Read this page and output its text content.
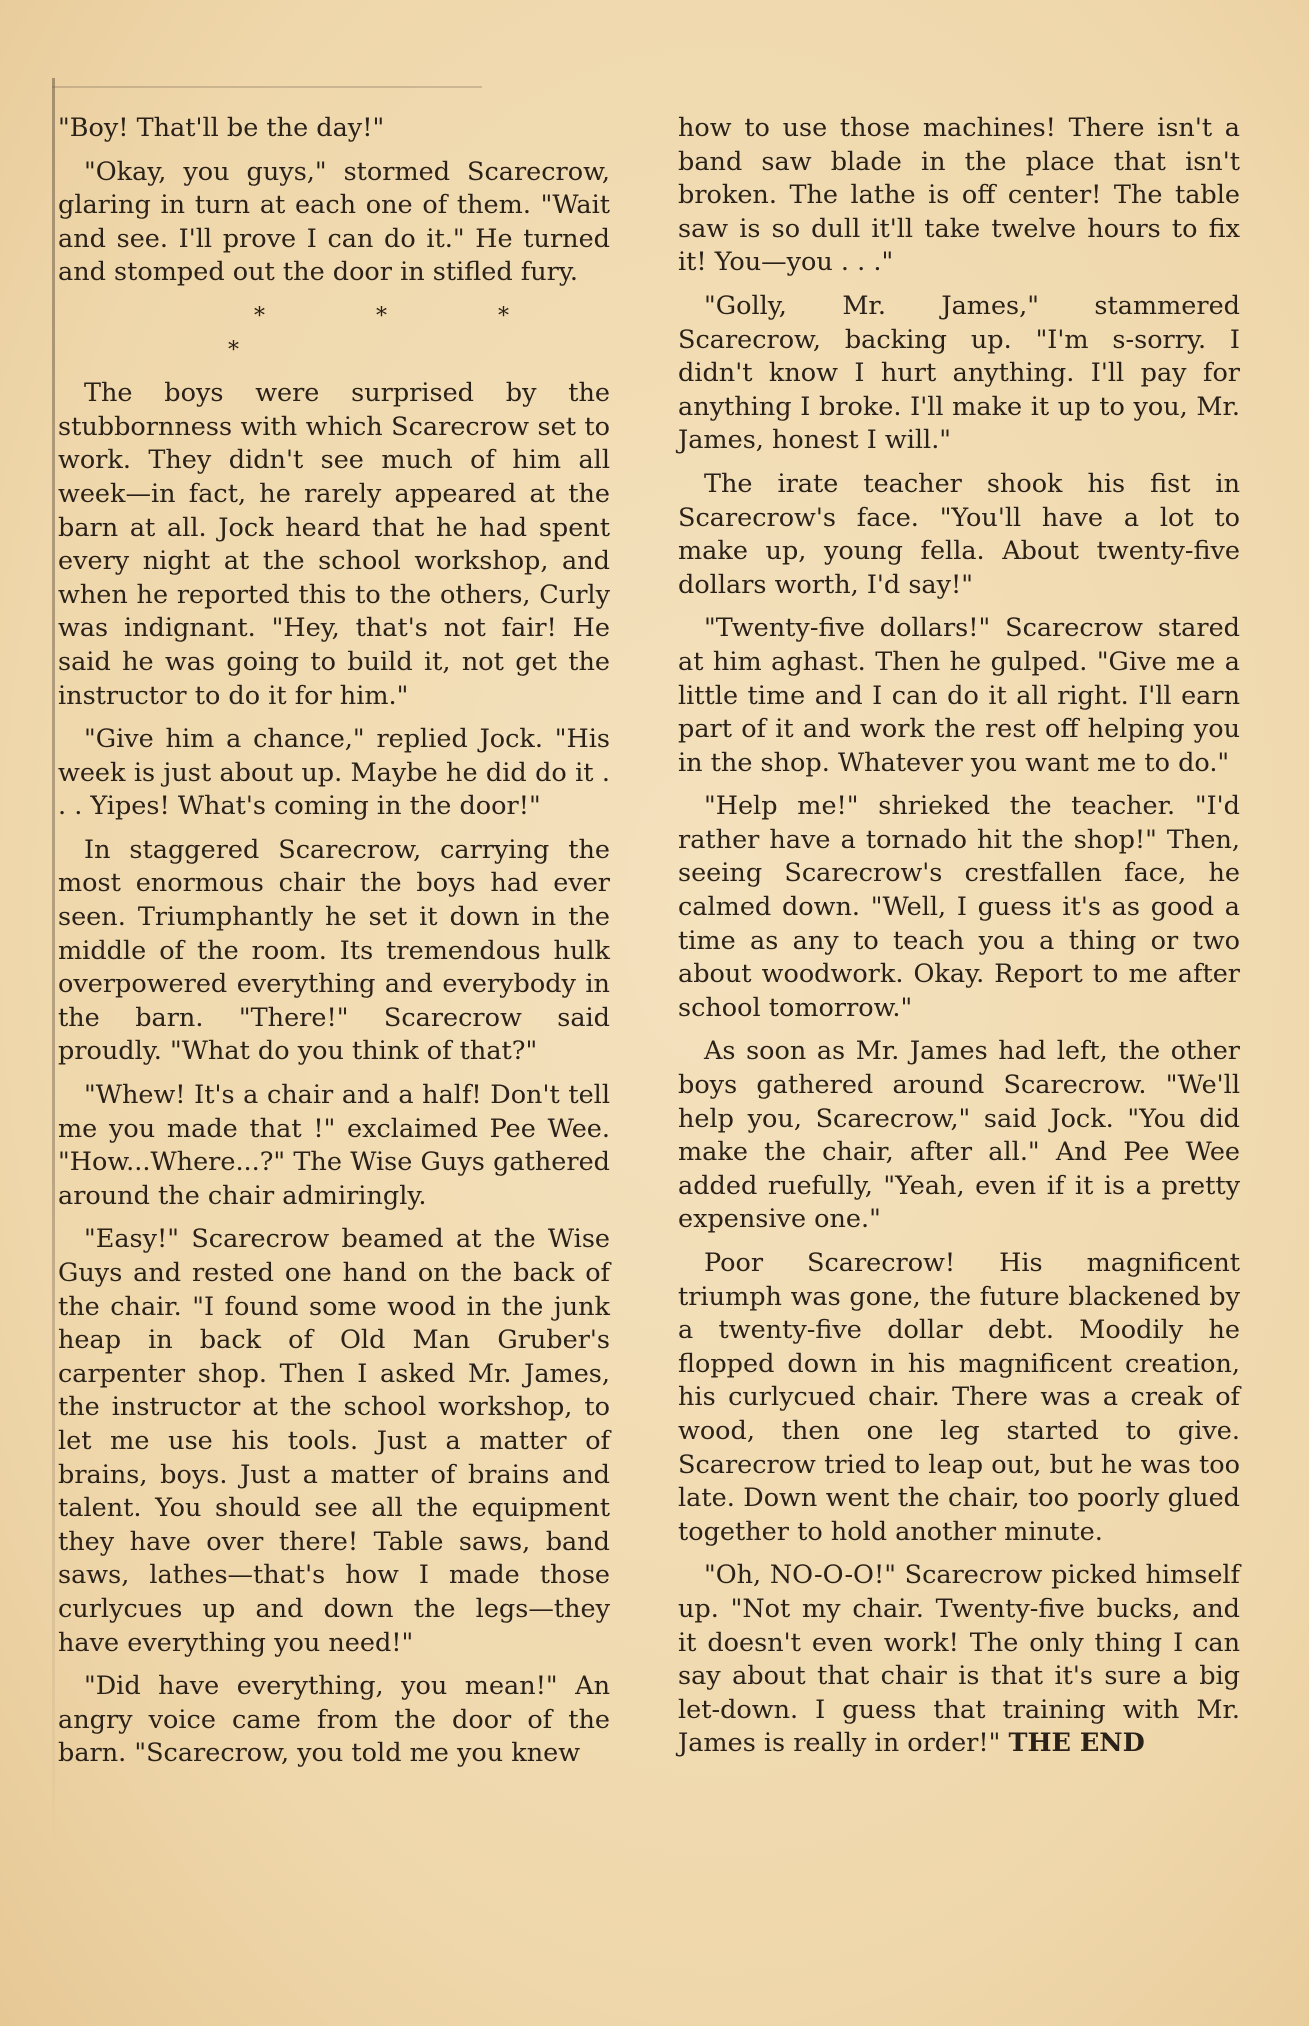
"Boy! That'll be the day!"

"Okay, you guys," stormed Scarecrow, glaring in turn at each one of them. "Wait and see. I'll prove I can do it." He turned and stomped out the door in stifled fury.

* * * *

The boys were surprised by the stubbornness with which Scarecrow set to work. They didn't see much of him all week—in fact, he rarely appeared at the barn at all. Jock heard that he had spent every night at the school workshop, and when he reported this to the others, Curly was indignant. "Hey, that's not fair! He said he was going to build it, not get the instructor to do it for him."

"Give him a chance," replied Jock. "His week is just about up. Maybe he did do it . . . Yipes! What's coming in the door!"

In staggered Scarecrow, carrying the most enormous chair the boys had ever seen. Triumphantly he set it down in the middle of the room. Its tremendous hulk overpowered everything and everybody in the barn. "There!" Scarecrow said proudly. "What do you think of that?"

"Whew! It's a chair and a half! Don't tell me you made that !" exclaimed Pee Wee. "How...Where...?" The Wise Guys gathered around the chair admiringly.

"Easy!" Scarecrow beamed at the Wise Guys and rested one hand on the back of the chair. "I found some wood in the junk heap in back of Old Man Gruber's carpenter shop. Then I asked Mr. James, the instructor at the school workshop, to let me use his tools. Just a matter of brains, boys. Just a matter of brains and talent. You should see all the equipment they have over there! Table saws, band saws, lathes—that's how I made those curlycues up and down the legs—they have everything you need!"

"Did have everything, you mean!" An angry voice came from the door of the barn. "Scarecrow, you told me you knew

how to use those machines! There isn't a band saw blade in the place that isn't broken. The lathe is off center! The table saw is so dull it'll take twelve hours to fix it! You—you . . ."

"Golly, Mr. James," stammered Scarecrow, backing up. "I'm s-sorry. I didn't know I hurt anything. I'll pay for anything I broke. I'll make it up to you, Mr. James, honest I will."

The irate teacher shook his fist in Scarecrow's face. "You'll have a lot to make up, young fella. About twenty-five dollars worth, I'd say!"

"Twenty-five dollars!" Scarecrow stared at him aghast. Then he gulped. "Give me a little time and I can do it all right. I'll earn part of it and work the rest off helping you in the shop. Whatever you want me to do."

"Help me!" shrieked the teacher. "I'd rather have a tornado hit the shop!" Then, seeing Scarecrow's crestfallen face, he calmed down. "Well, I guess it's as good a time as any to teach you a thing or two about woodwork. Okay. Report to me after school tomorrow."

As soon as Mr. James had left, the other boys gathered around Scarecrow. "We'll help you, Scarecrow," said Jock. "You did make the chair, after all." And Pee Wee added ruefully, "Yeah, even if it is a pretty expensive one."

Poor Scarecrow! His magnificent triumph was gone, the future blackened by a twenty-five dollar debt. Moodily he flopped down in his magnificent creation, his curlycued chair. There was a creak of wood, then one leg started to give. Scarecrow tried to leap out, but he was too late. Down went the chair, too poorly glued together to hold another minute.

"Oh, NO-O-O!" Scarecrow picked himself up. "Not my chair. Twenty-five bucks, and it doesn't even work! The only thing I can say about that chair is that it's sure a big let-down. I guess that training with Mr. James is really in order!" THE END
